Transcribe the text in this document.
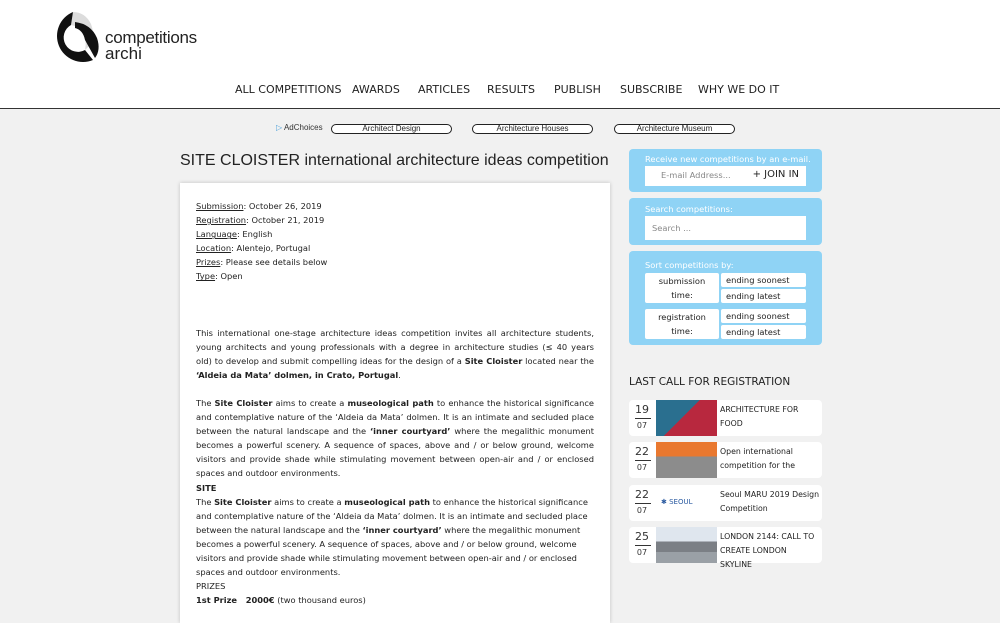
competitions
archi
ALL COMPETITIONS AWARDS ARTICLES RESULTS PUBLISH SUBSCRIBE WHY WE DO IT
▷ AdChoices	Architect Design	Architecture Houses	Architecture Museum
SITE CLOISTER international architecture ideas competition
Submission: October 26, 2019
Registration: October 21, 2019
Language: English
Location: Alentejo, Portugal
Prizes: Please see details below
Type: Open

This international one-stage architecture ideas competition invites all architecture students, young architects and young professionals with a degree in architecture studies (≤ 40 years old) to develop and submit compelling ideas for the design of a Site Cloister located near the ‘Aldeia da Mata’ dolmen, in Crato, Portugal.

The Site Cloister aims to create a museological path to enhance the historical significance and contemplative nature of the ‘Aldeia da Mata’ dolmen. It is an intimate and secluded place between the natural landscape and the ‘inner courtyard’ where the megalithic monument becomes a powerful scenery. A sequence of spaces, above and / or below ground, welcome visitors and provide shade while stimulating movement between open-air and / or enclosed spaces and outdoor environments.

SITE

The Site Cloister aims to create a museological path to enhance the historical significance and contemplative nature of the ‘Aldeia da Mata’ dolmen. It is an intimate and secluded place between the natural landscape and the ‘inner courtyard’ where the megalithic monument becomes a powerful scenery. A sequence of spaces, above and / or below ground, welcome visitors and provide shade while stimulating movement between open-air and / or enclosed spaces and outdoor environments.

PRIZES

1st Prize   2000€ (two thousand euros)

Receive new competitions by an e-mail.
E-mail Address... + JOIN IN
Search competitions:
Search ...
Sort competitions by:
submission
time:
ending soonest
ending latest
registration
time:
ending soonest
ending latest
LAST CALL FOR REGISTRATION
19
07
ARCHITECTURE FOR FOOD
22
07
Open international competition for the
22
07
✱ SEOUL
Seoul MARU 2019 Design Competition
25
07
LONDON 2144: CALL TO CREATE LONDON SKYLINE
